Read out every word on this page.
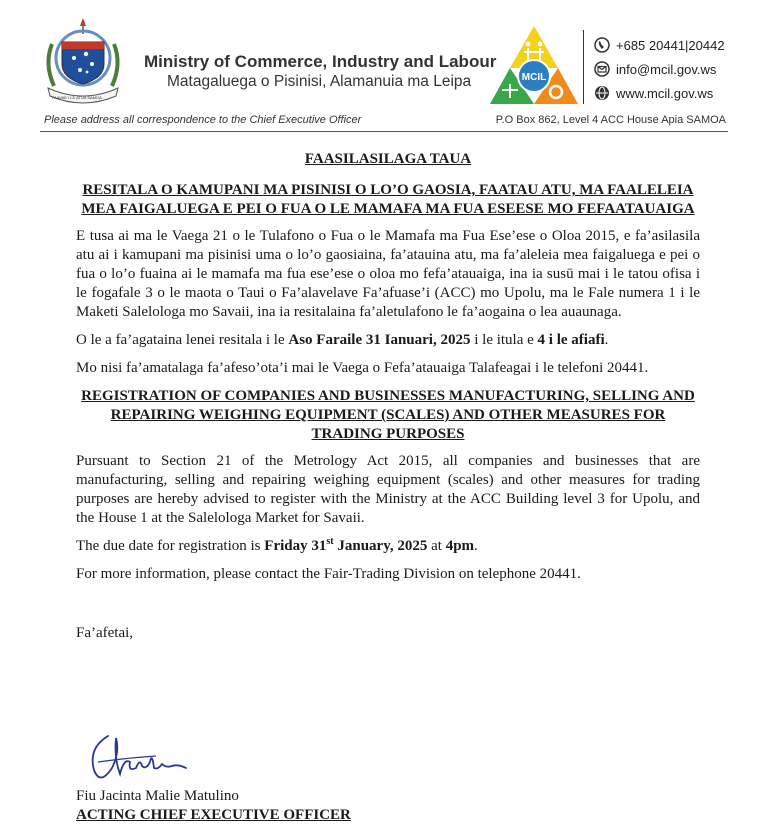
FAAVAE I LE ATUA SAMOA
Ministry of Commerce, Industry and Labour
Matagaluega o Pisinisi, Alamanuia ma Leipa	MCIL
+685 20441|20442
info@mcil.gov.ws
www.mcil.gov.ws
Please address all correspondence to the Chief Executive Officer	P.O Box 862, Level 4 ACC House Apia SAMOA

FAASILASILAGA TAUA

RESITALA O KAMUPANI MA PISINISI O LO’O GAOSIA, FAATAU ATU, MA FAALELEIA MEA FAIGALUEGA E PEI O FUA O LE MAMAFA MA FUA ESEESE MO FEFAATAUAIGA

E tusa ai ma le Vaega 21 o le Tulafono o Fua o le Mamafa ma Fua Ese’ese o Oloa 2015, e fa’asilasila atu ai i kamupani ma pisinisi uma o lo’o gaosiaina, fa’atauina atu, ma fa’aleleia mea faigaluega e pei o fua o lo’o fuaina ai le mamafa ma fua ese’ese o oloa mo fefa’atauaiga, ina ia susū mai i le tatou ofisa i le fogafale 3 o le maota o Taui o Fa’alavelave Fa’afuase’i (ACC) mo Upolu, ma le Fale numera 1 i le Maketi Salelologa mo Savaii, ina ia resitalaina fa’aletulafono le fa’aogaina o lea auaunaga.

O le a fa’agataina lenei resitala i le Aso Faraile 31 Ianuari, 2025 i le itula e 4 i le afiafi.

Mo nisi fa’amatalaga fa’afeso’ota’i mai le Vaega o Fefa’atauaiga Talafeagai i le telefoni 20441.

REGISTRATION OF COMPANIES AND BUSINESSES MANUFACTURING, SELLING AND REPAIRING WEIGHING EQUIPMENT (SCALES) AND OTHER MEASURES FOR TRADING PURPOSES

Pursuant to Section 21 of the Metrology Act 2015, all companies and businesses that are manufacturing, selling and repairing weighing equipment (scales) and other measures for trading purposes are hereby advised to register with the Ministry at the ACC Building level 3 for Upolu, and the House 1 at the Salelologa Market for Savaii.

The due date for registration is Friday 31st January, 2025 at 4pm.

For more information, please contact the Fair-Trading Division on telephone 20441.

Fa’afetai,

Fiu Jacinta Malie Matulino
ACTING CHIEF EXECUTIVE OFFICER
